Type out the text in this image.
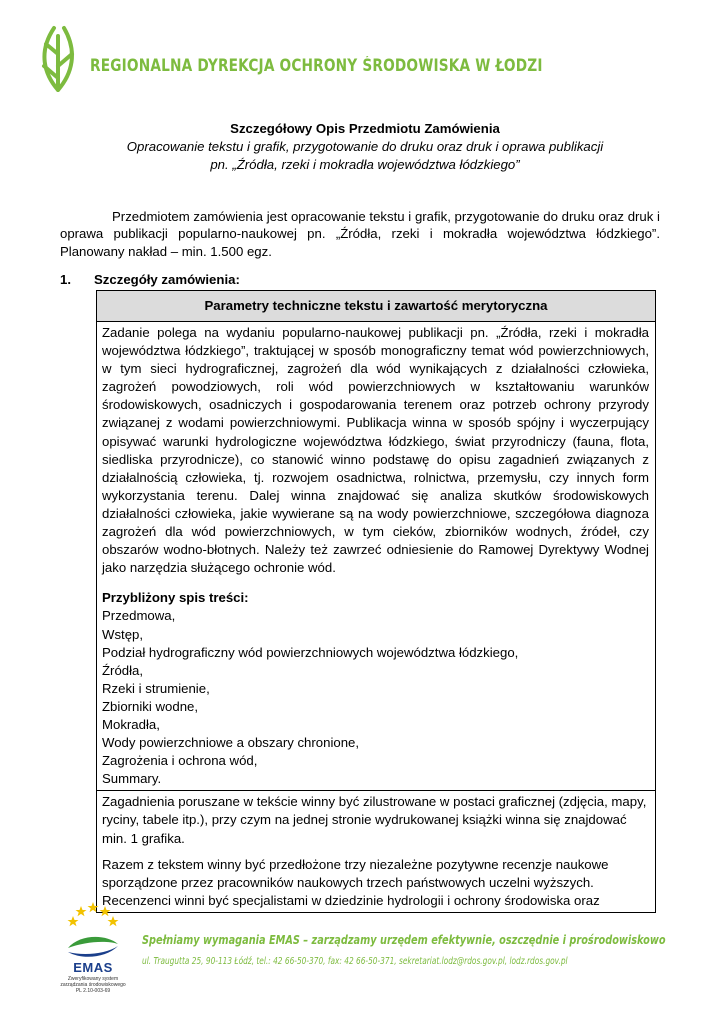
REGIONALNA DYREKCJA OCHRONY ŚRODOWISKA W ŁODZI
Szczegółowy Opis Przedmiotu Zamówienia
Opracowanie tekstu i grafik, przygotowanie do druku oraz druk i oprawa publikacji
pn. „Źródła, rzeki i mokradła województwa łódzkiego”
Przedmiotem zamówienia jest opracowanie tekstu i grafik, przygotowanie do druku oraz druk i oprawa publikacji popularno-naukowej pn. „Źródła, rzeki i mokradła województwa łódzkiego”. Planowany nakład – min. 1.500 egz.
1. Szczegóły zamówienia:
Parametry techniczne tekstu i zawartość merytoryczna
Zadanie polega na wydaniu popularno-naukowej publikacji pn. „Źródła, rzeki i mokradła województwa łódzkiego”, traktującej w sposób monograficzny temat wód powierzchniowych, w tym sieci hydrograficznej, zagrożeń dla wód wynikających z działalności człowieka, zagrożeń powodziowych, roli wód powierzchniowych w kształtowaniu warunków środowiskowych, osadniczych i gospodarowania terenem oraz potrzeb ochrony przyrody związanej z wodami powierzchniowymi. Publikacja winna w sposób spójny i wyczerpujący opisywać warunki hydrologiczne województwa łódzkiego, świat przyrodniczy (fauna, flota, siedliska przyrodnicze), co stanowić winno podstawę do opisu zagadnień związanych z działalnością człowieka, tj. rozwojem osadnictwa, rolnictwa, przemysłu, czy innych form wykorzystania terenu. Dalej winna znajdować się analiza skutków środowiskowych działalności człowieka, jakie wywierane są na wody powierzchniowe, szczegółowa diagnoza zagrożeń dla wód powierzchniowych, w tym cieków, zbiorników wodnych, źródeł, czy obszarów wodno-błotnych. Należy też zawrzeć odniesienie do Ramowej Dyrektywy Wodnej jako narzędzia służącego ochronie wód.
Przybliżony spis treści:
Przedmowa,
Wstęp,
Podział hydrograficzny wód powierzchniowych województwa łódzkiego,
Źródła,
Rzeki i strumienie,
Zbiorniki wodne,
Mokradła,
Wody powierzchniowe a obszary chronione,
Zagrożenia i ochrona wód,
Summary.
Zagadnienia poruszane w tekście winny być zilustrowane w postaci graficznej (zdjęcia, mapy, ryciny, tabele itp.), przy czym na jednej stronie wydrukowanej książki winna się znajdować min. 1 grafika.
Razem z tekstem winny być przedłożone trzy niezależne pozytywne recenzje naukowe sporządzone przez pracowników naukowych trzech państwowych uczelni wyższych. Recenzenci winni być specjalistami w dziedzinie hydrologii i ochrony środowiska oraz
EMAS
Zweryfikowany system zarządzania środowiskowego PL 2.10-003-69
Spełniamy wymagania EMAS – zarządzamy urzędem efektywnie, oszczędnie i prośrodowiskowo
ul. Traugutta 25, 90-113 Łódź, tel.: 42 66-50-370, fax: 42 66-50-371, sekretariat.lodz@rdos.gov.pl, lodz.rdos.gov.pl
